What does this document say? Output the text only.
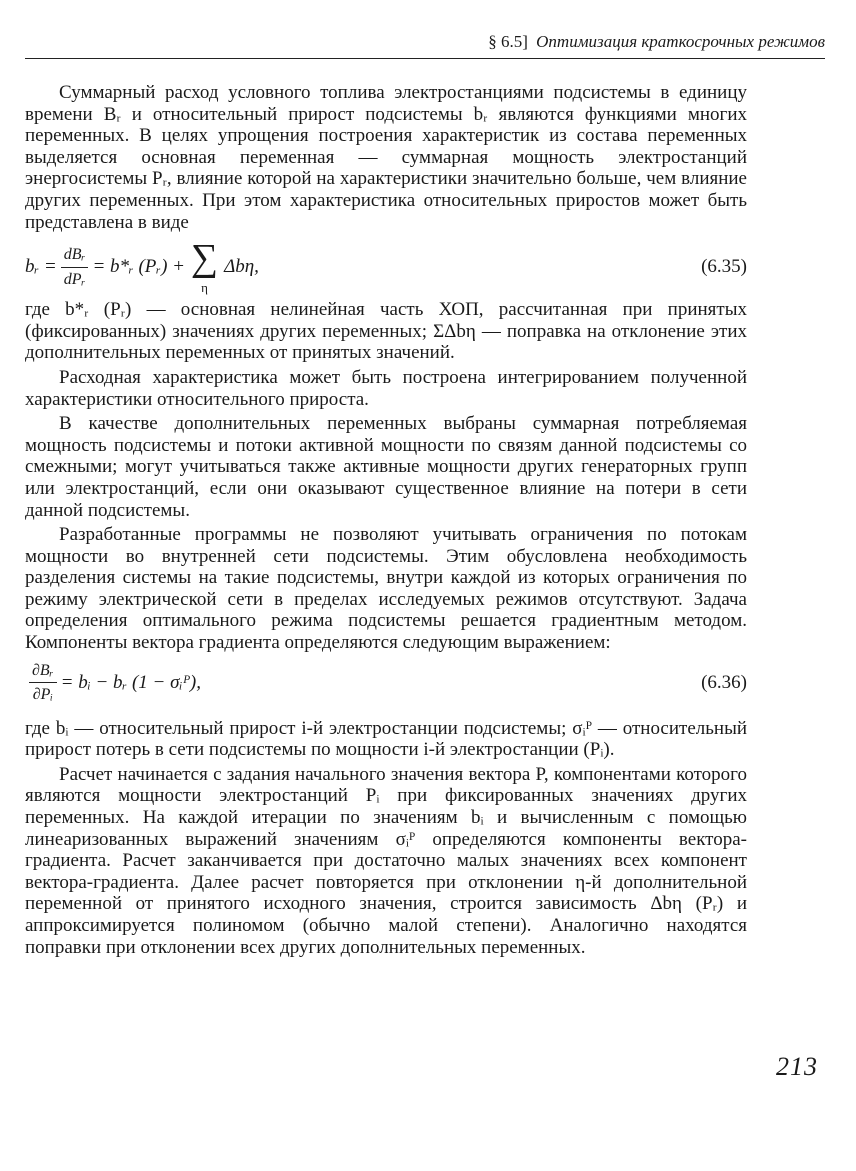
§ 6.5] Оптимизация краткосрочных режимов

Суммарный расход условного топлива электростанциями подсистемы в единицу времени Bᵣ и относительный прирост подсистемы bᵣ являются функциями многих переменных. В целях упрощения построения характеристик из состава переменных выделяется основная переменная — суммарная мощность электростанций энергосистемы Pᵣ, влияние которой на характеристики значительно больше, чем влияние других переменных. При этом характеристика относительных приростов может быть представлена в виде

bᵣ = $\frac{\text{dBᵣ}}{\text{dPᵣ}}$ = b*ᵣ (Pᵣ) + ∑
η
Δbη,	(6.35)

где b*ᵣ (Pᵣ) — основная нелинейная часть ХОП, рассчитанная при принятых (фиксированных) значениях других переменных; ΣΔbη — поправка на отклонение этих дополнительных переменных от принятых значений.

Расходная характеристика может быть построена интегрированием полученной характеристики относительного прироста.

В качестве дополнительных переменных выбраны суммарная потребляемая мощность подсистемы и потоки активной мощности по связям данной подсистемы со смежными; могут учитываться также активные мощности других генераторных групп или электростанций, если они оказывают существенное влияние на потери в сети данной подсистемы.

Разработанные программы не позволяют учитывать ограничения по потокам мощности во внутренней сети подсистемы. Этим обусловлена необходимость разделения системы на такие подсистемы, внутри каждой из которых ограничения по режиму электрической сети в пределах исследуемых режимов отсутствуют. Задача определения оптимального режима подсистемы решается градиентным методом. Компоненты вектора градиента определяются следующим выражением:

$\frac{\text{∂Bᵣ}}{\text{∂Pᵢ}}$ = bᵢ − bᵣ (1 − σᵢᴾ),	(6.36)

где bᵢ — относительный прирост i-й электростанции подсистемы; σᵢᴾ — относительный прирост потерь в сети подсистемы по мощности i-й электростанции (Pᵢ).

Расчет начинается с задания начального значения вектора P, компонентами которого являются мощности электростанций Pᵢ при фиксированных значениях других переменных. На каждой итерации по значениям bᵢ и вычисленным с помощью линеаризованных выражений значениям σᵢᴾ определяются компоненты вектора-градиента. Расчет заканчивается при достаточно малых значениях всех компонент вектора-градиента. Далее расчет повторяется при отклонении η-й дополнительной переменной от принятого исходного значения, строится зависимость Δbη (Pᵣ) и аппроксимируется полиномом (обычно малой степени). Аналогично находятся поправки при отклонении всех других дополнительных переменных.

213
